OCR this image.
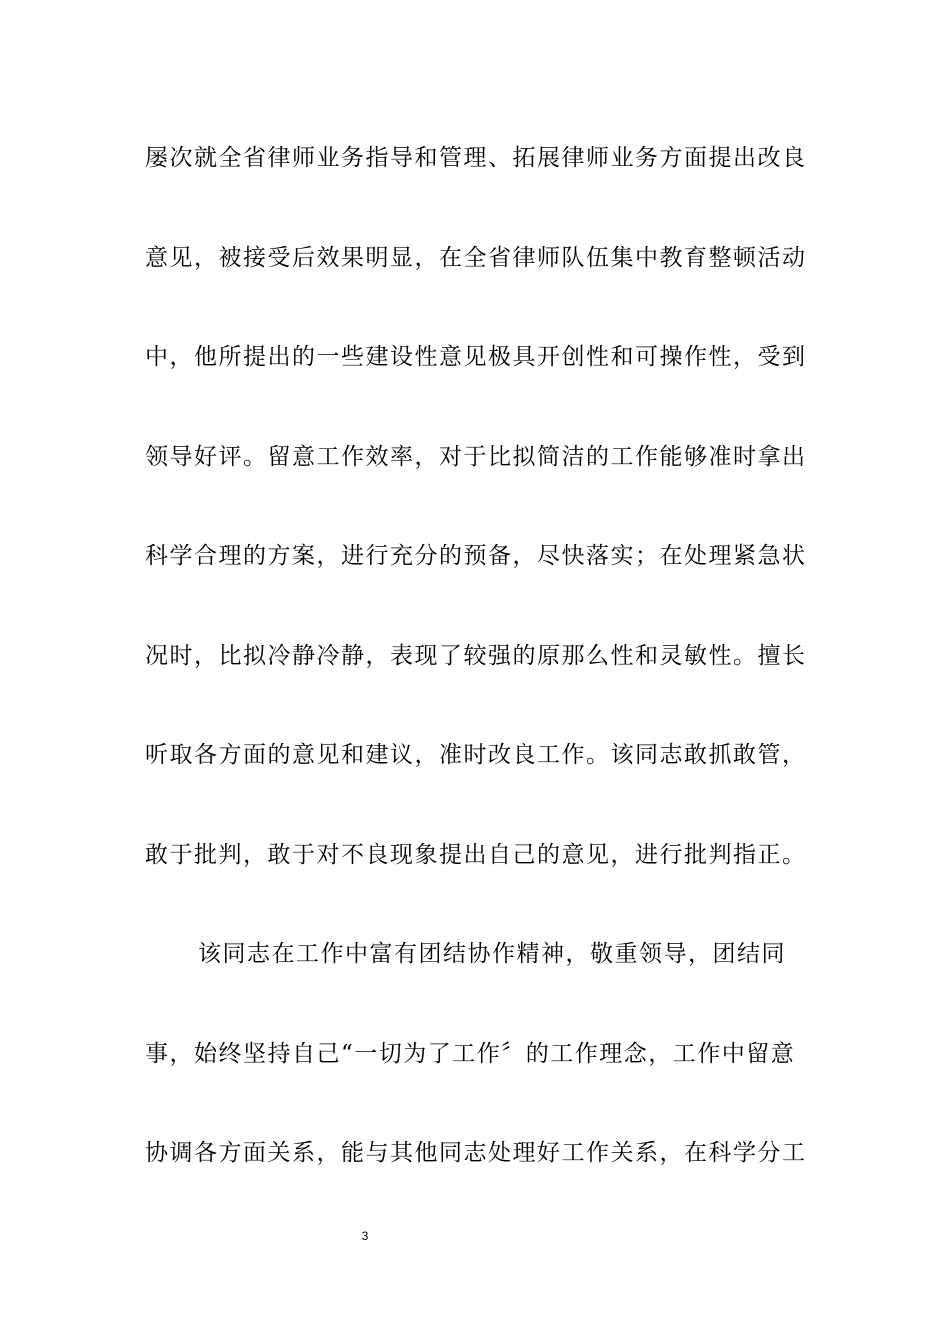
屡次就全省律师业务指导和管理、拓展律师业务方面提出改良
意见，被接受后效果明显，在全省律师队伍集中教育整顿活动
中，他所提出的一些建设性意见极具开创性和可操作性，受到
领导好评。留意工作效率，对于比拟简洁的工作能够准时拿出
科学合理的方案，进行充分的预备，尽快落实；在处理紧急状
况时，比拟冷静冷静，表现了较强的原那么性和灵敏性。擅长
听取各方面的意见和建议，准时改良工作。该同志敢抓敢管，
敢于批判，敢于对不良现象提出自己的意见，进行批判指正。
该同志在工作中富有团结协作精神，敬重领导，团结同
事，始终坚持自己“一切为了工作〞的工作理念，工作中留意
协调各方面关系，能与其他同志处理好工作关系，在科学分工
3
